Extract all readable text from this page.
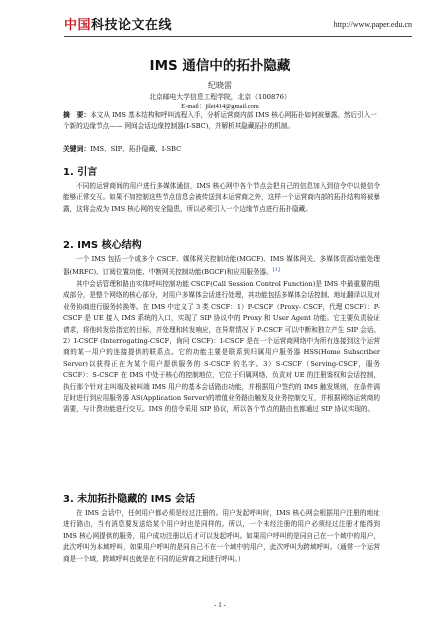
中国 科技论文在线	http://www.paper.edu.cn
IMS 通信中的拓扑隐藏
纪晓雷
北京邮电大学信息工程学院，北京（100876）
E-mail：jilei414@gmail.com
摘　要：本文从 IMS 基本结构和呼叫流程入手，分析运营商内部 IMS 核心网拓扑如何被暴露。然后引入一个新的边缘节点—— 网间会话边缘控制器(I-SBC)，并解析其隐藏拓扑的机制。
关键词：IMS、SIP、拓扑隐藏、I-SBC
1. 引言

不同的运营商间的用户进行多媒体通信，IMS 核心网中各个节点会把自己的信息加入到信令中以便信令能够正常交互。如果不加控制这些节点信息会被传送到本运营商之外，这样一个运营商内部的拓扑结构将被暴露，这将会成为 IMS 核心网的安全隐患，所以必须引入一个边缘节点进行拓扑隐藏。

2. IMS 核心结构

一个 IMS 包括一个或多个 CSCF、媒体网关控制功能(MGCF)、IMS 媒体网关、多媒体资源功能处理器(MRFC)、订阅位置功能、中断网关控制功能(BGCF)和应用服务器。[1]

其中会话管理和路由实体呼叫控制功能 CSCF(Call Session Control Function)是 IMS 中最重要的组成部分，是整个网络的核心部分，对用户多媒体会话进行处理，其功能包括多媒体会话控制、地址翻译以及对业务协商进行服务转换等。在 IMS 中定义了 3 类 CSCF：1）P-CSCF（Proxy- CSCF，代理 CSCF）：P-CSCF 是 UE 接入 IMS 系统的入口，实现了 SIP 协议中的 Proxy 和 User Agent 功能。它主要负责验证请求，将他转发给指定的目标，并处理和转发响应，在异常情况下 P-CSCF 可以中断和独立产生 SIP 会话。2）I-CSCF (Interrogating-CSCF，询问 CSCF)：I-CSCF 是在一个运营商网络中为所有连接到这个运营商的某一用户的连接提供的联系点。它的功能主要是联系到归属用户服务器 HSS(Home Subscriber Server)以获得正在为某个用户提供服务的 S-CSCF 的名字。3）S-CSCF（Serving-CSCF，服务 CSCF）：S-CSCF 在 IMS 中处于核心的控制地位，它位于归属网络，负责对 UE 的注册鉴权和会话控制，执行那个针对主叫端及被叫端 IMS 用户的基本会话路由功能，并根据用户签约的 IMS 触发规则，在条件满足时进行到应用服务器 AS(Application Server)的增值业务路由触发及业务控制交互，并根据网络运营商的需要，与计费功能进行交互。IMS 的信令采用 SIP 协议，所以各个节点的路由也都通过 SIP 协议实现的。

3. 未加拓扑隐藏的 IMS 会话

在 IMS 会话中，任何用户都必须是经过注册的。用户发起呼叫时，IMS 核心网会根据用户注册的地址进行路由，当有消息要发送给某个用户时也是同样的。所以，一个未经注册的用户必须经过注册才能得到 IMS 核心网提供的服务，用户成功注册以后才可以发起呼叫。如果用户呼叫的是同自己在一个域中的用户，此次呼叫为本域呼叫，如果用户呼叫的是同自己不在一个域中的用户，此次呼叫为跨域呼叫。（通常一个运营商是一个域，跨域呼叫也就是在不同的运营商之间进行呼叫。）

- 1 -
